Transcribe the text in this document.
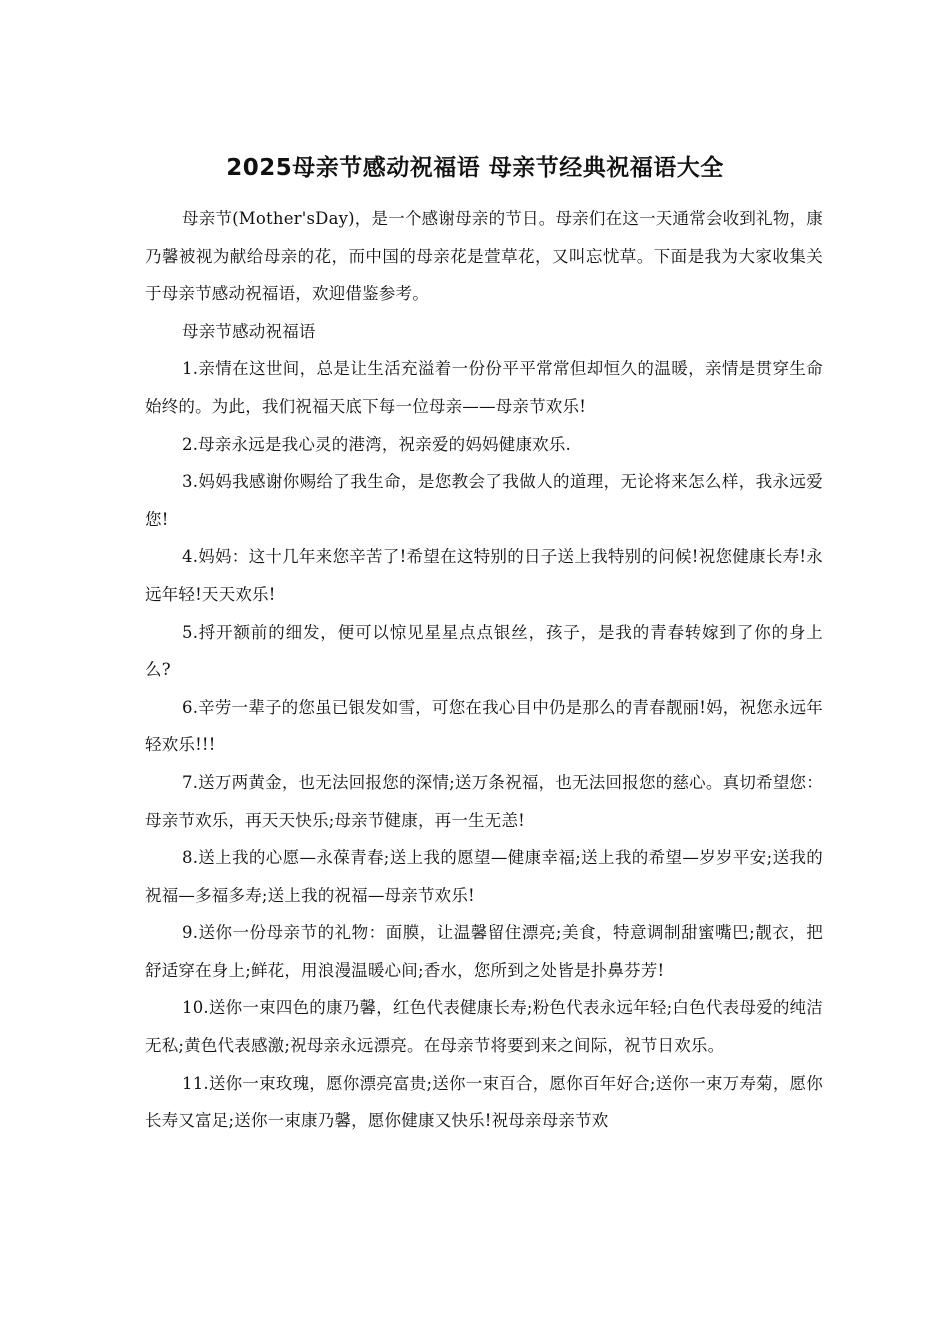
2025母亲节感动祝福语 母亲节经典祝福语大全

母亲节(Mother'sDay)，是一个感谢母亲的节日。母亲们在这一天通常会收到礼物，康乃馨被视为献给母亲的花，而中国的母亲花是萱草花，又叫忘忧草。下面是我为大家收集关于母亲节感动祝福语，欢迎借鉴参考。

母亲节感动祝福语

1.亲情在这世间，总是让生活充溢着一份份平平常常但却恒久的温暖，亲情是贯穿生命始终的。为此，我们祝福天底下每一位母亲——母亲节欢乐!

2.母亲永远是我心灵的港湾，祝亲爱的妈妈健康欢乐.

3.妈妈我感谢你赐给了我生命，是您教会了我做人的道理，无论将来怎么样，我永远爱您!

4.妈妈：这十几年来您辛苦了!希望在这特别的日子送上我特别的问候!祝您健康长寿!永远年轻!天天欢乐!

5.捋开额前的细发，便可以惊见星星点点银丝，孩子，是我的青春转嫁到了你的身上么?

6.辛劳一辈子的您虽已银发如雪，可您在我心目中仍是那么的青春靓丽!妈，祝您永远年轻欢乐!!!

7.送万两黄金，也无法回报您的深情;送万条祝福，也无法回报您的慈心。真切希望您：母亲节欢乐，再天天快乐;母亲节健康，再一生无恙!

8.送上我的心愿—永葆青春;送上我的愿望—健康幸福;送上我的希望—岁岁平安;送我的祝福—多福多寿;送上我的祝福—母亲节欢乐!

9.送你一份母亲节的礼物：面膜，让温馨留住漂亮;美食，特意调制甜蜜嘴巴;靓衣，把舒适穿在身上;鲜花，用浪漫温暖心间;香水，您所到之处皆是扑鼻芬芳!

10.送你一束四色的康乃馨，红色代表健康长寿;粉色代表永远年轻;白色代表母爱的纯洁无私;黄色代表感激;祝母亲永远漂亮。在母亲节将要到来之间际，祝节日欢乐。

11.送你一束玫瑰，愿你漂亮富贵;送你一束百合，愿你百年好合;送你一束万寿菊，愿你长寿又富足;送你一束康乃馨，愿你健康又快乐!祝母亲母亲节欢
